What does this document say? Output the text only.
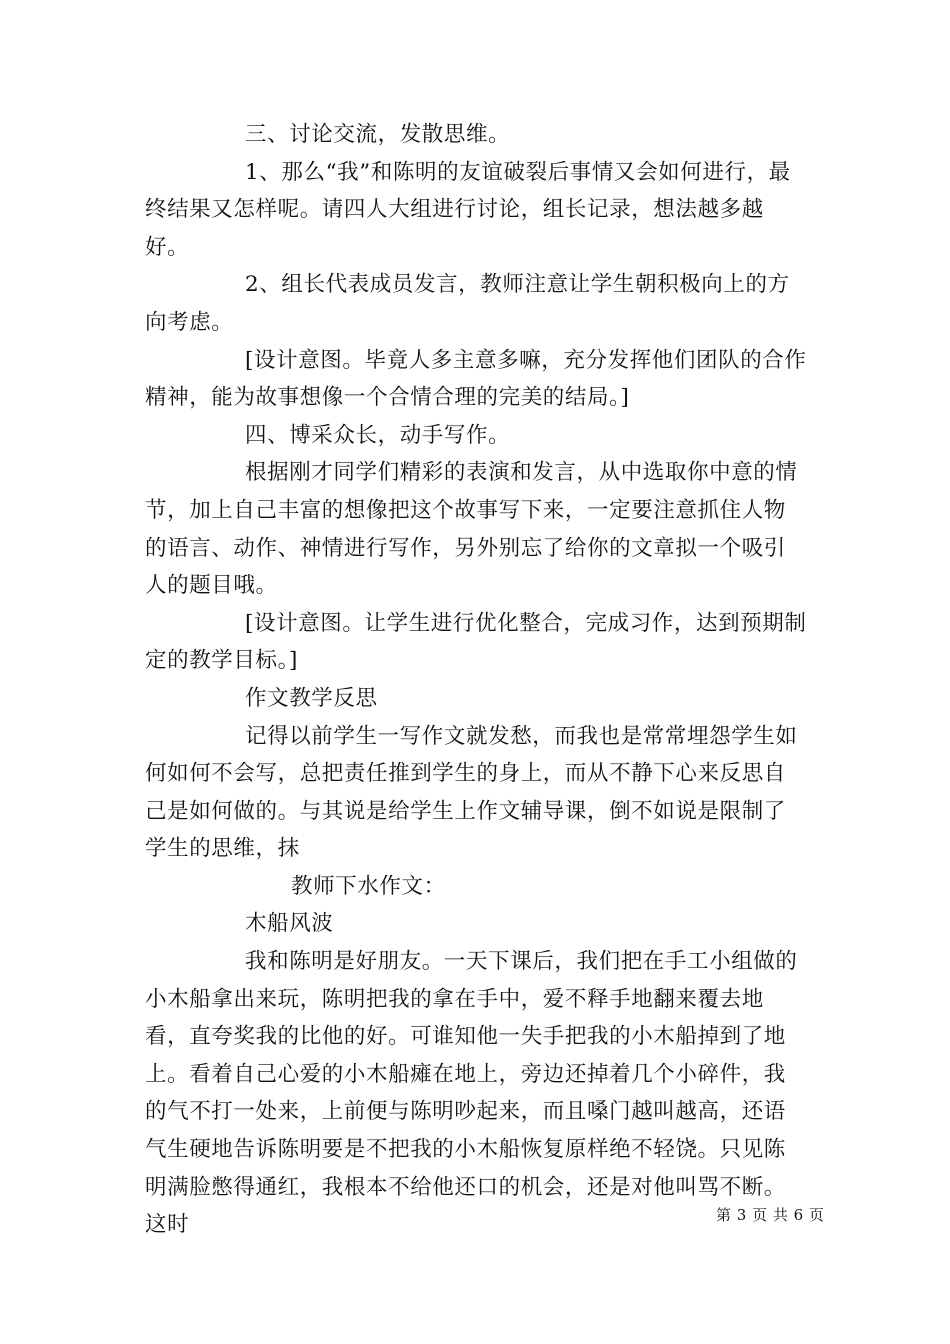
三、讨论交流，发散思维。

1、那么“我”和陈明的友谊破裂后事情又会如何进行，最终结果又怎样呢。请四人大组进行讨论，组长记录，想法越多越好。

2、组长代表成员发言，教师注意让学生朝积极向上的方向考虑。

[设计意图。毕竟人多主意多嘛，充分发挥他们团队的合作精神，能为故事想像一个合情合理的完美的结局。]

四、博采众长，动手写作。

根据刚才同学们精彩的表演和发言，从中选取你中意的情节，加上自己丰富的想像把这个故事写下来，一定要注意抓住人物的语言、动作、神情进行写作，另外别忘了给你的文章拟一个吸引人的题目哦。

[设计意图。让学生进行优化整合，完成习作，达到预期制定的教学目标。]

作文教学反思

记得以前学生一写作文就发愁，而我也是常常埋怨学生如何如何不会写，总把责任推到学生的身上，而从不静下心来反思自己是如何做的。与其说是给学生上作文辅导课，倒不如说是限制了学生的思维，抹

教师下水作文：

木船风波

我和陈明是好朋友。一天下课后，我们把在手工小组做的小木船拿出来玩，陈明把我的拿在手中，爱不释手地翻来覆去地看，直夸奖我的比他的好。可谁知他一失手把我的小木船掉到了地上。看着自己心爱的小木船瘫在地上，旁边还掉着几个小碎件，我的气不打一处来，上前便与陈明吵起来，而且嗓门越叫越高，还语气生硬地告诉陈明要是不把我的小木船恢复原样绝不轻饶。只见陈明满脸憋得通红，我根本不给他还口的机会，还是对他叫骂不断。这时	第 3 页 共 6 页
